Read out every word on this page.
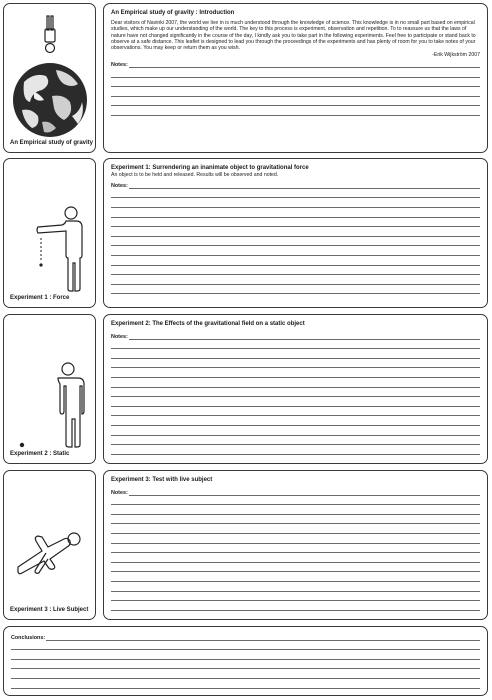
An Empirical study of gravity
An Empirical study of gravity : Introduction
Dear visitors of Navinki 2007, the world we live in is much understood through the knowledge of science. This knowledge is in no small part based on empirical studies, which make up our understanding of the world. The key to this process is experiment, observation and repetition. To to reassure us that the laws of nature have not changed significantly in the course of the day, I kindly ask you to take part in the following experiments. Feel free to participate or stand back to observe at a safe distance. This leaflet is designed to lead you through the proceedings of the experiments and has plenty of room for you to take notes of your observations. You may keep or return them as you wish.
-Erik Wijkström 2007
Notes:
Experiment 1 : Force
Experiment 1: Surrendering an inanimate object to gravitational force
An object is to be held and released. Results will be observed and noted.
Notes:
Experiment 2 : Static
Experiment 2: The Effects of the gravitational field on a static object
Notes:
Experiment 3 : Live Subject
Experiment 3: Test with live subject
Notes:
Conclusions:
